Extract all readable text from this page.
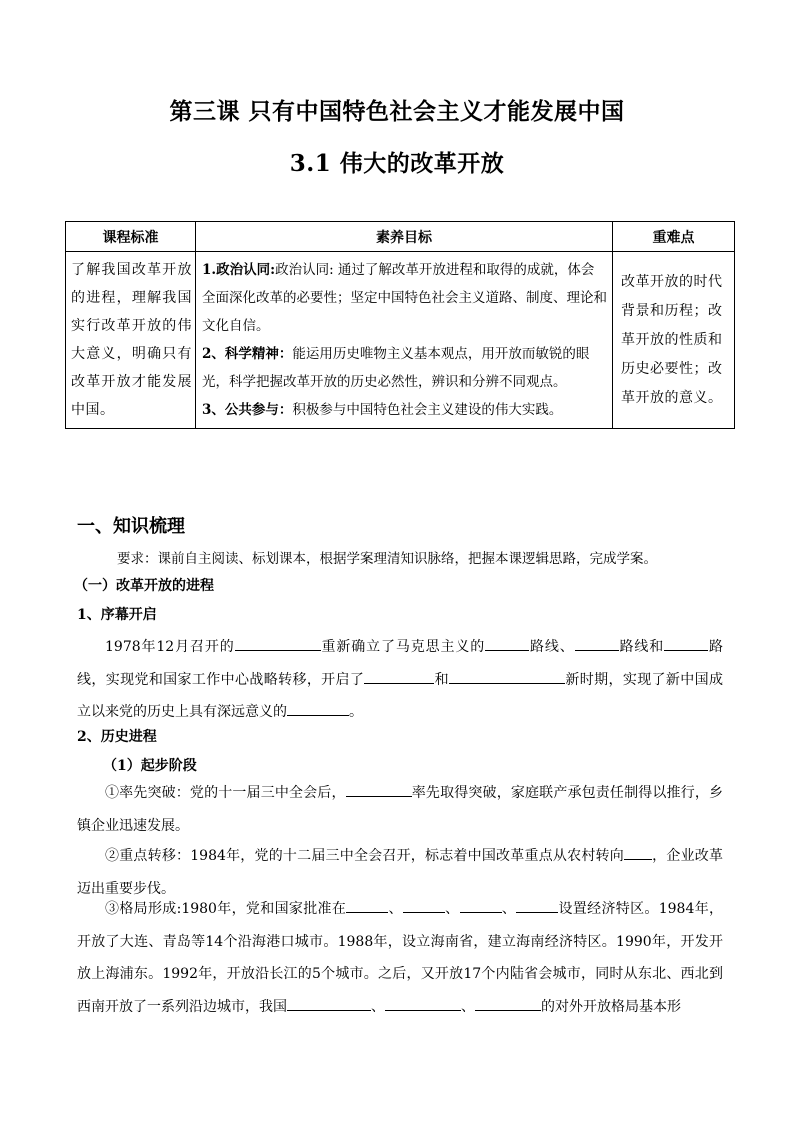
第三课 只有中国特色社会主义才能发展中国
3.1 伟大的改革开放
课程标准	素养目标	重难点
了解我国改革开放的进程，理解我国实行改革开放的伟大意义，明确只有改革开放才能发展中国。	1.政治认同:政治认同: 通过了解改革开放进程和取得的成就，体会全面深化改革的必要性；坚定中国特色社会主义道路、制度、理论和文化自信。
2、科学精神：能运用历史唯物主义基本观点，用开放而敏锐的眼光，科学把握改革开放的历史必然性，辨识和分辨不同观点。
3、公共参与：积极参与中国特色社会主义建设的伟大实践。	改革开放的时代背景和历程；改革开放的性质和历史必要性；改革开放的意义。
一、知识梳理
要求：课前自主阅读、标划课本，根据学案理清知识脉络，把握本课逻辑思路，完成学案。
（一）改革开放的进程
1、序幕开启
1978年12月召开的	重新确立了马克思主义的	路线、	路线和	路线，实现党和国家工作中心战略转移，开启了	和	新时期，实现了新中国成立以来党的历史上具有深远意义的	。
2、历史进程
（1）起步阶段
①率先突破：党的十一届三中全会后，	率先取得突破，家庭联产承包责任制得以推行，乡镇企业迅速发展。
②重点转移：1984年，党的十二届三中全会召开，标志着中国改革重点从农村转向 ，企业改革迈出重要步伐。
③格局形成:1980年，党和国家批准在	、	、	、	设置经济特区。1984年，开放了大连、青岛等14个沿海港口城市。1988年，设立海南省，建立海南经济特区。1990年，开发开放上海浦东。1992年，开放沿长江的5个城市。之后，又开放17个内陆省会城市，同时从东北、西北到西南开放了一系列沿边城市，我国	、	、	的对外开放格局基本形
